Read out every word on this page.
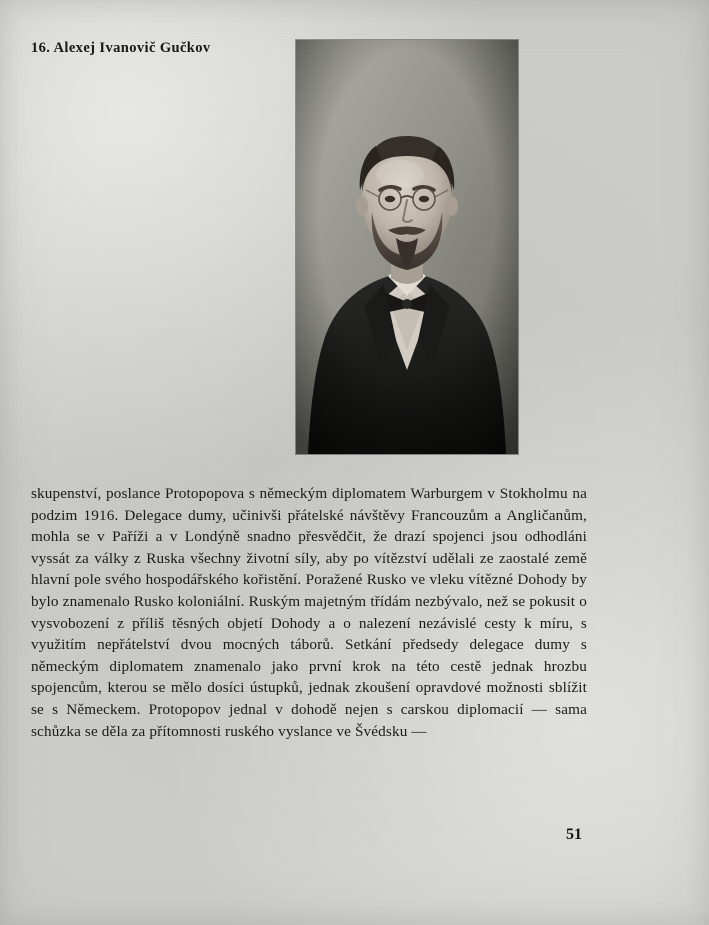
16. Alexej Ivanovič Gučkov

skupenství, poslance Protopopova s německým diplomatem Warburgem v Stokholmu na podzim 1916. Delegace dumy, učinivši přátelské návštěvy Francouzům a Angličanům, mohla se v Paříži a v Londýně snadno přesvědčit, že drazí spojenci jsou odhodláni vyssát za války z Ruska všechny životní síly, aby po vítězství udělali ze zaostalé země hlavní pole svého hospodářského kořistění. Poražené Rusko ve vleku vítězné Dohody by bylo znamenalo Rusko koloniální. Ruským majetným třídám nezbývalo, než se pokusit o vysvobození z příliš těsných objetí Dohody a o nalezení nezávislé cesty k míru, s využitím nepřátelství dvou mocných táborů. Setkání předsedy delegace dumy s německým diplomatem znamenalo jako první krok na této cestě jednak hrozbu spojencům, kterou se mělo dosíci ústupků, jednak zkoušení opravdové možnosti sblížit se s Německem. Protopopov jednal v dohodě nejen s carskou diplomacií — sama schůzka se děla za přítomnosti ruského vyslance ve Švédsku —

51
